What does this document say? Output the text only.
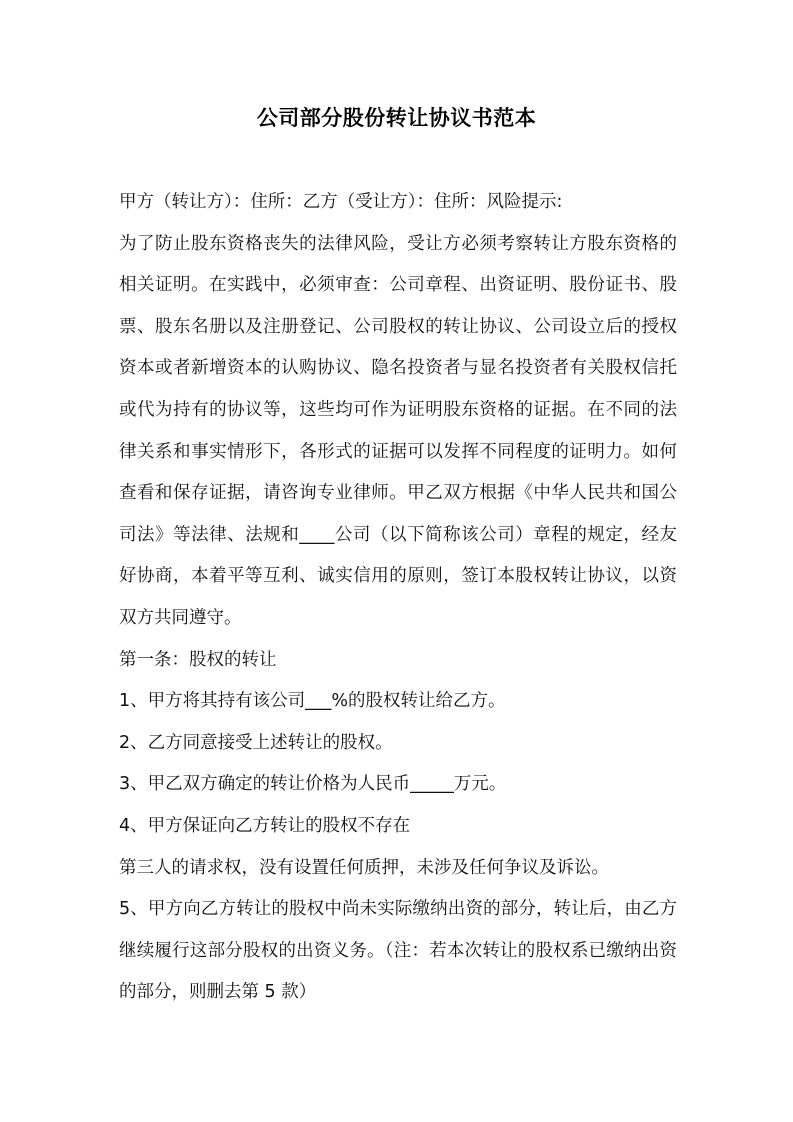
公司部分股份转让协议书范本

甲方（转让方）：住所：乙方（受让方）：住所：风险提示:

为了防止股东资格丧失的法律风险，受让方必须考察转让方股东资格的相关证明。在实践中，必须审查：公司章程、出资证明、股份证书、股票、股东名册以及注册登记、公司股权的转让协议、公司设立后的授权资本或者新增资本的认购协议、隐名投资者与显名投资者有关股权信托或代为持有的协议等，这些均可作为证明股东资格的证据。在不同的法律关系和事实情形下，各形式的证据可以发挥不同程度的证明力。如何查看和保存证据，请咨询专业律师。甲乙双方根据《中华人民共和国公司法》等法律、法规和____公司（以下简称该公司）章程的规定，经友好协商，本着平等互利、诚实信用的原则，签订本股权转让协议，以资双方共同遵守。

第一条：股权的转让

1、甲方将其持有该公司___%的股权转让给乙方。

2、乙方同意接受上述转让的股权。

3、甲乙双方确定的转让价格为人民币_____万元。

4、甲方保证向乙方转让的股权不存在

第三人的请求权，没有设置任何质押，未涉及任何争议及诉讼。

5、甲方向乙方转让的股权中尚未实际缴纳出资的部分，转让后，由乙方继续履行这部分股权的出资义务。（注：若本次转让的股权系已缴纳出资的部分，则删去第 5 款）
